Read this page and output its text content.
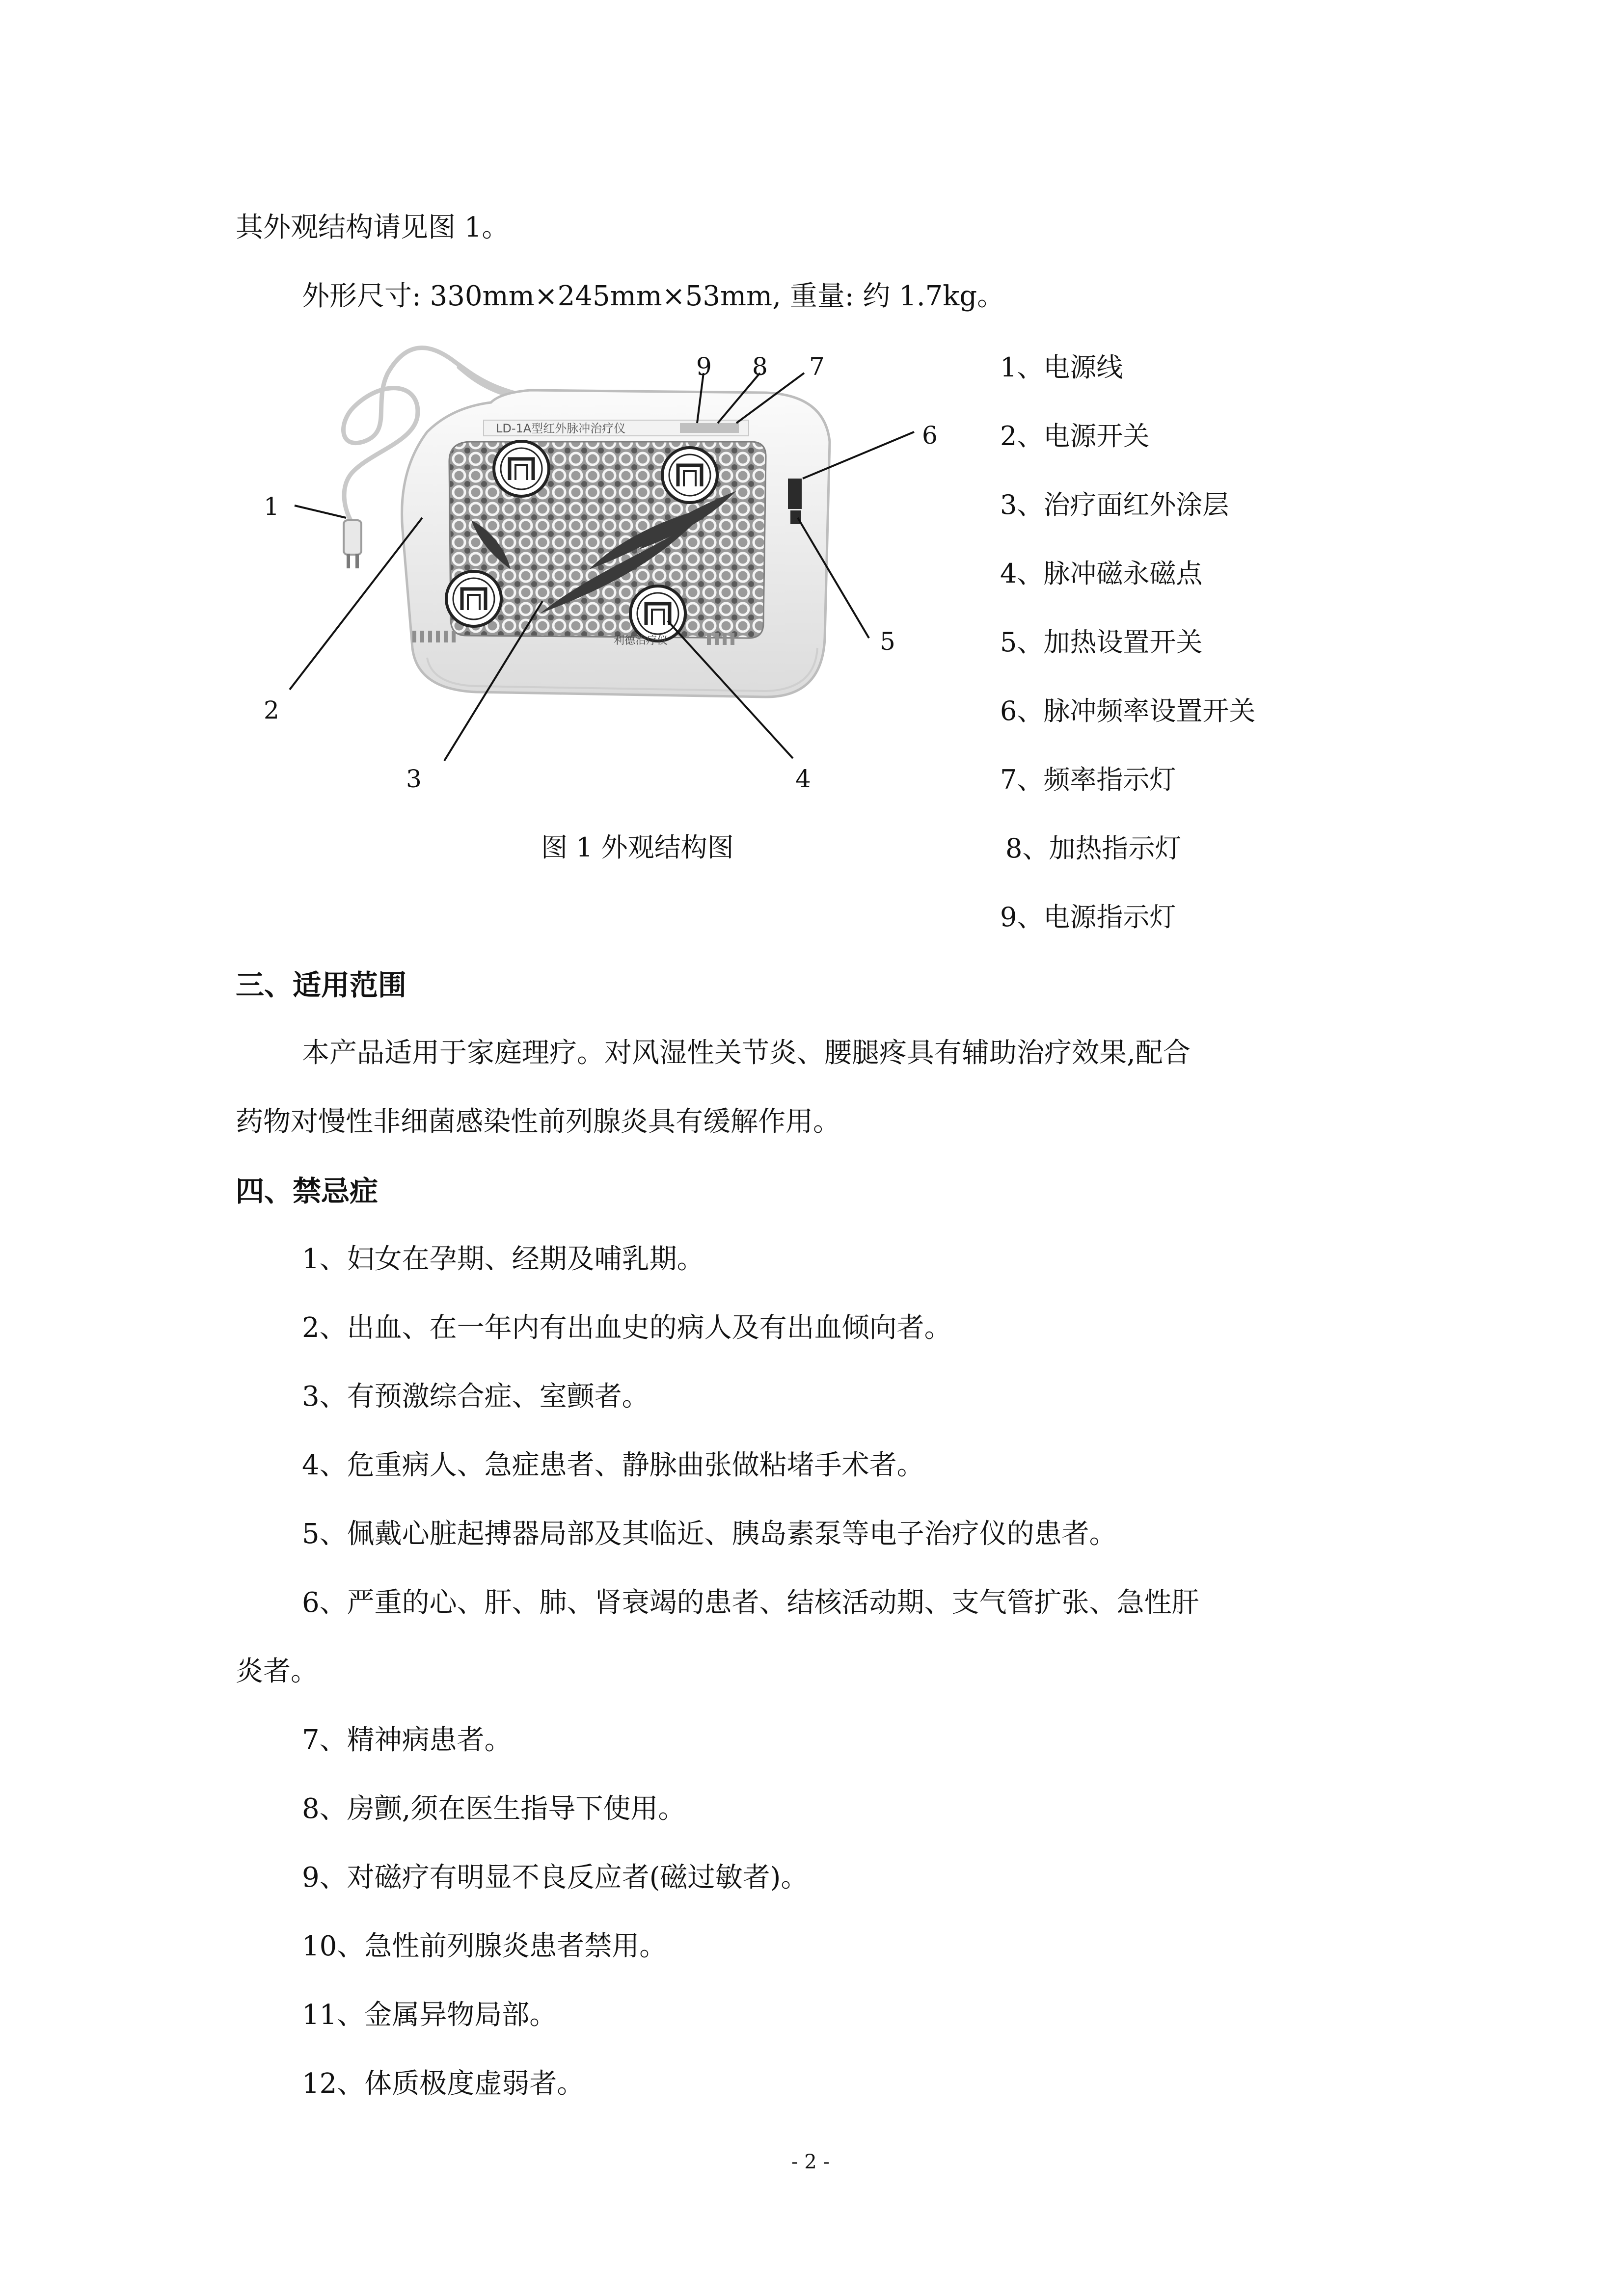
其外观结构请见图 1。
外形尺寸: 330mm×245mm×53mm, 重量: 约 1.7kg。
LD-1A型红外脉冲治疗仪
利德治疗仪
1
2
3	4
5
6
7
8
9
图 1 外观结构图
1、电源线
2、电源开关
3、治疗面红外涂层
4、脉冲磁永磁点
5、加热设置开关
6、脉冲频率设置开关
7、频率指示灯
8、加热指示灯
9、电源指示灯
三、适用范围
本产品适用于家庭理疗。对风湿性关节炎、腰腿疼具有辅助治疗效果,配合
药物对慢性非细菌感染性前列腺炎具有缓解作用。
四、禁忌症
1、妇女在孕期、经期及哺乳期。
2、出血、在一年内有出血史的病人及有出血倾向者。
3、有预激综合症、室颤者。
4、危重病人、急症患者、静脉曲张做粘堵手术者。
5、佩戴心脏起搏器局部及其临近、胰岛素泵等电子治疗仪的患者。
6、严重的心、肝、肺、肾衰竭的患者、结核活动期、支气管扩张、急性肝
炎者。
7、精神病患者。
8、房颤,须在医生指导下使用。
9、对磁疗有明显不良反应者(磁过敏者)。
10、急性前列腺炎患者禁用。
11、金属异物局部。
12、体质极度虚弱者。
- 2 -
